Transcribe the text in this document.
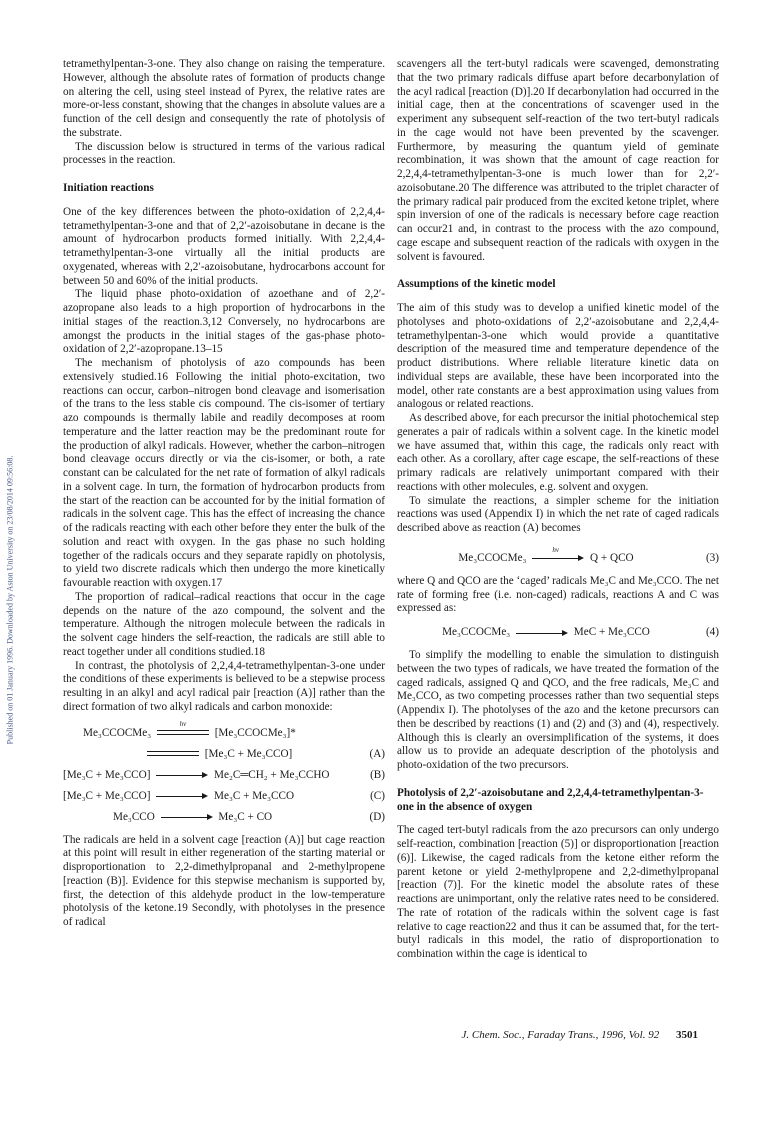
Published on 01 January 1996. Downloaded by Aston University on 23/08/2014 09:56:08.

tetramethylpentan-3-one. They also change on raising the temperature. However, although the absolute rates of formation of products change on altering the cell, using steel instead of Pyrex, the relative rates are more-or-less constant, showing that the changes in absolute values are a function of the cell design and consequently the rate of photolysis of the substrate.

The discussion below is structured in terms of the various radical processes in the reaction.

Initiation reactions

One of the key differences between the photo-oxidation of 2,2,4,4-tetramethylpentan-3-one and that of 2,2′-azoisobutane in decane is the amount of hydrocarbon products formed initially. With 2,2,4,4-tetramethylpentan-3-one virtually all the initial products are oxygenated, whereas with 2,2′-azoisobutane, hydrocarbons account for between 50 and 60% of the initial products.

The liquid phase photo-oxidation of azoethane and of 2,2′-azopropane also leads to a high proportion of hydrocarbons in the initial stages of the reaction.3,12 Conversely, no hydrocarbons are amongst the products in the initial stages of the gas-phase photo-oxidation of 2,2′-azopropane.13–15

The mechanism of photolysis of azo compounds has been extensively studied.16 Following the initial photo-excitation, two reactions can occur, carbon–nitrogen bond cleavage and isomerisation of the trans to the less stable cis compound. The cis-isomer of tertiary azo compounds is thermally labile and readily decomposes at room temperature and the latter reaction may be the predominant route for the production of alkyl radicals. However, whether the carbon–nitrogen bond cleavage occurs directly or via the cis-isomer, or both, a rate constant can be calculated for the net rate of formation of alkyl radicals in a solvent cage. In turn, the formation of hydrocarbon products from the start of the reaction can be accounted for by the initial formation of radicals in the solvent cage. This has the effect of increasing the chance of the radicals reacting with each other before they enter the bulk of the solution and react with oxygen. In the gas phase no such holding together of the radicals occurs and they separate rapidly on photolysis, to yield two discrete radicals which then undergo the more kinetically favourable reaction with oxygen.17

The proportion of radical–radical reactions that occur in the cage depends on the nature of the azo compound, the solvent and the temperature. Although the nitrogen molecule between the radicals in the solvent cage hinders the self-reaction, the radicals are still able to react together under all conditions studied.18

In contrast, the photolysis of 2,2,4,4-tetramethylpentan-3-one under the conditions of these experiments is believed to be a stepwise process resulting in an alkyl and acyl radical pair [reaction (A)] rather than the direct formation of two alkyl radicals and carbon monoxide:

Me₃CCOCMe₃
hv
[Me₃CCOCMe₃]*
[Me₃C + Me₃CCO]	(A)
[Me₃C + Me₃CCO]	Me₂C═CH₂ + Me₃CCHO	(B)
[Me₃C + Me₃CCO]	Me₃C + Me₃CCO	(C)
Me₃CCO	Me₃C + CO	(D)

The radicals are held in a solvent cage [reaction (A)] but cage reaction at this point will result in either regeneration of the starting material or disproportionation to 2,2-dimethylpropanal and 2-methylpropene [reaction (B)]. Evidence for this stepwise mechanism is supported by, first, the detection of this aldehyde product in the low-temperature photolysis of the ketone.19 Secondly, with photolyses in the presence of radical

scavengers all the tert-butyl radicals were scavenged, demonstrating that the two primary radicals diffuse apart before decarbonylation of the acyl radical [reaction (D)].20 If decarbonylation had occurred in the initial cage, then at the concentrations of scavenger used in the experiment any subsequent self-reaction of the two tert-butyl radicals in the cage would not have been prevented by the scavenger. Furthermore, by measuring the quantum yield of geminate recombination, it was shown that the amount of cage reaction for 2,2,4,4-tetramethylpentan-3-one is much lower than for 2,2′-azoisobutane.20 The difference was attributed to the triplet character of the primary radical pair produced from the excited ketone triplet, where spin inversion of one of the radicals is necessary before cage reaction can occur21 and, in contrast to the process with the azo compound, cage escape and subsequent reaction of the radicals with oxygen in the solvent is favoured.

Assumptions of the kinetic model

The aim of this study was to develop a unified kinetic model of the photolyses and photo-oxidations of 2,2′-azoisobutane and 2,2,4,4-tetramethylpentan-3-one which would provide a quantitative description of the measured time and temperature dependence of the product distributions. Where reliable literature kinetic data on individual steps are available, these have been incorporated into the model, other rate constants are a best approximation using values from analogous or related reactions.

As described above, for each precursor the initial photochemical step generates a pair of radicals within a solvent cage. In the kinetic model we have assumed that, within this cage, the radicals only react with each other. As a corollary, after cage escape, the self-reactions of these primary radicals are relatively unimportant compared with their reactions with other molecules, e.g. solvent and oxygen.

To simulate the reactions, a simpler scheme for the initiation reactions was used (Appendix I) in which the net rate of caged radicals described above as reaction (A) becomes

Me₃CCOCMe₃
hv
Q + QCO	(3)

where Q and QCO are the ‘caged’ radicals Me₃C and Me₃CCO. The net rate of forming free (i.e. non-caged) radicals, reactions A and C was expressed as:

Me₃CCOCMe₃	MeC + Me₃CCO	(4)

To simplify the modelling to enable the simulation to distinguish between the two types of radicals, we have treated the formation of the caged radicals, assigned Q and QCO, and the free radicals, Me₃C and Me₃CCO, as two competing processes rather than two sequential steps (Appendix I). The photolyses of the azo and the ketone precursors can then be described by reactions (1) and (2) and (3) and (4), respectively. Although this is clearly an oversimplification of the systems, it does allow us to provide an adequate description of the photolysis and photo-oxidation of the two precursors.

Photolysis of 2,2′-azoisobutane and 2,2,4,4-tetramethylpentan-3-one in the absence of oxygen

The caged tert-butyl radicals from the azo precursors can only undergo self-reaction, combination [reaction (5)] or disproportionation [reaction (6)]. Likewise, the caged radicals from the ketone either reform the parent ketone or yield 2-methylpropene and 2,2-dimethylpropanal [reaction (7)]. For the kinetic model the absolute rates of these reactions are unimportant, only the relative rates need to be considered. The rate of rotation of the radicals within the solvent cage is fast relative to cage reaction22 and thus it can be assumed that, for the tert-butyl radicals in this model, the ratio of disproportionation to combination within the cage is identical to

J. Chem. Soc., Faraday Trans., 1996, Vol. 92 3501
